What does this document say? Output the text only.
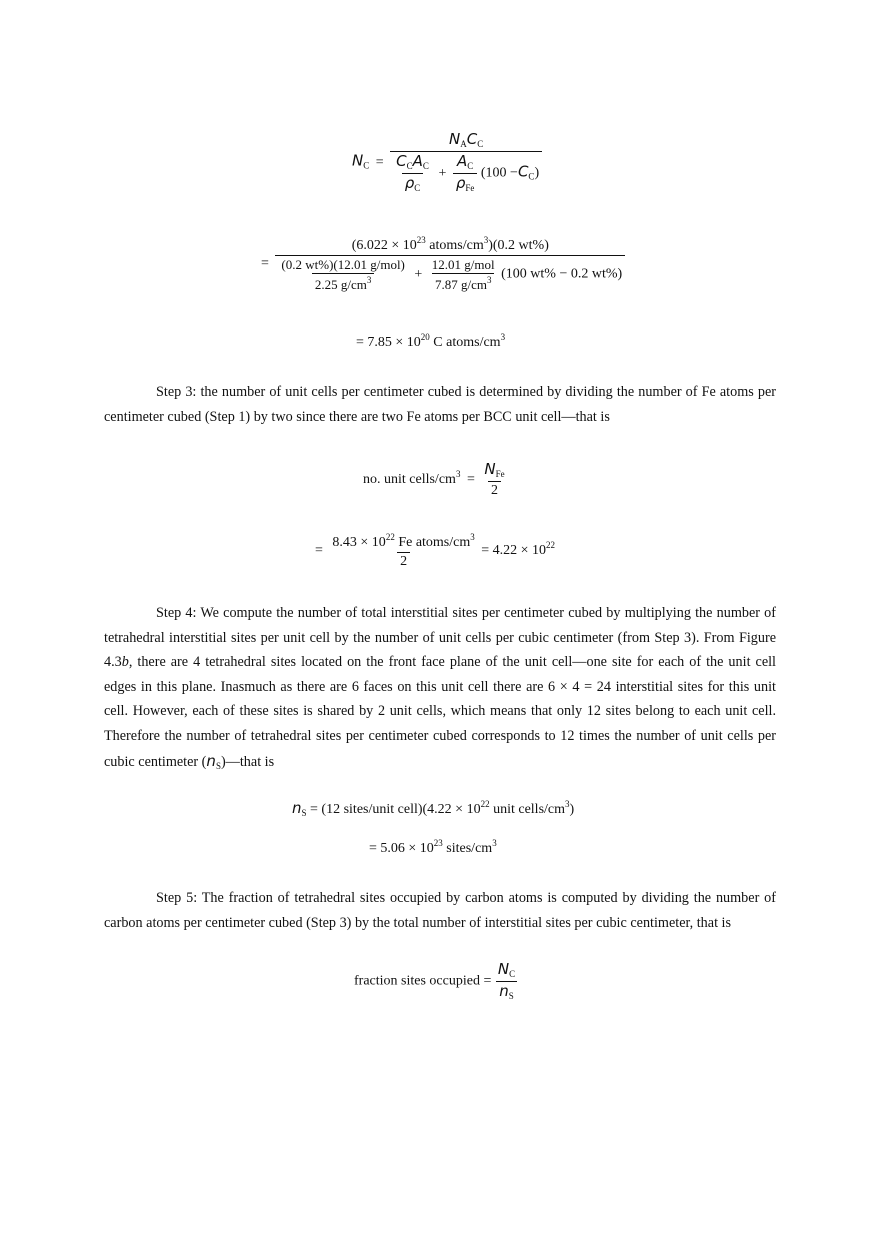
$N_C$ =
$N_AC_C$
$\frac{C_CA_C}{\rho_C} + \frac{A_C}{\rho_{Fe}} (100 -C_C)$
=
($6.022 \times 10^{23}$ atoms/$cm^3)(0.2$ wt%)
$\frac{\text{(0.2 wt\%)(12.01 g/mol)}}{2.25 g/cm^3} + \frac{\text{12.01 g/mol}}{7.87 g/cm^3} (100$ wt% − 0.2 wt%)
= $7.85 \times 10^{20}$ C atoms/$cm^3$
Step 3: the number of unit cells per centimeter cubed is determined by dividing the number of Fe atoms per centimeter cubed (Step 1) by two since there are two Fe atoms per BCC unit cell—that is
no. unit cells/$cm^3 = \frac{N_{Fe}}{2}$
= $\frac{8.43 \times 10^{22} Fe atoms/cm^3}{2} = 4.22 \times 10^{22}$
Step 4: We compute the number of total interstitial sites per centimeter cubed by multiplying the number of tetrahedral interstitial sites per unit cell by the number of unit cells per cubic centimeter (from Step 3). From Figure 4.3b, there are 4 tetrahedral sites located on the front face plane of the unit cell—one site for each of the unit cell edges in this plane. Inasmuch as there are 6 faces on this unit cell there are 6 × 4 = 24 interstitial sites for this unit cell. However, each of these sites is shared by 2 unit cells, which means that only 12 sites belong to each unit cell. Therefore the number of tetrahedral sites per centimeter cubed corresponds to 12 times the number of unit cells per cubic centimeter $(n_S)—that$ is
$n_S = (12$ sites/unit cell)(4.22 × $10^{22}$ unit cells/$cm^3$)
= $5.06 \times 10^{23}$ sites/$cm^3$
Step 5: The fraction of tetrahedral sites occupied by carbon atoms is computed by dividing the number of carbon atoms per centimeter cubed (Step 3) by the total number of interstitial sites per cubic centimeter, that is
fraction sites occupied = $\frac{N_C}{n_S}$
